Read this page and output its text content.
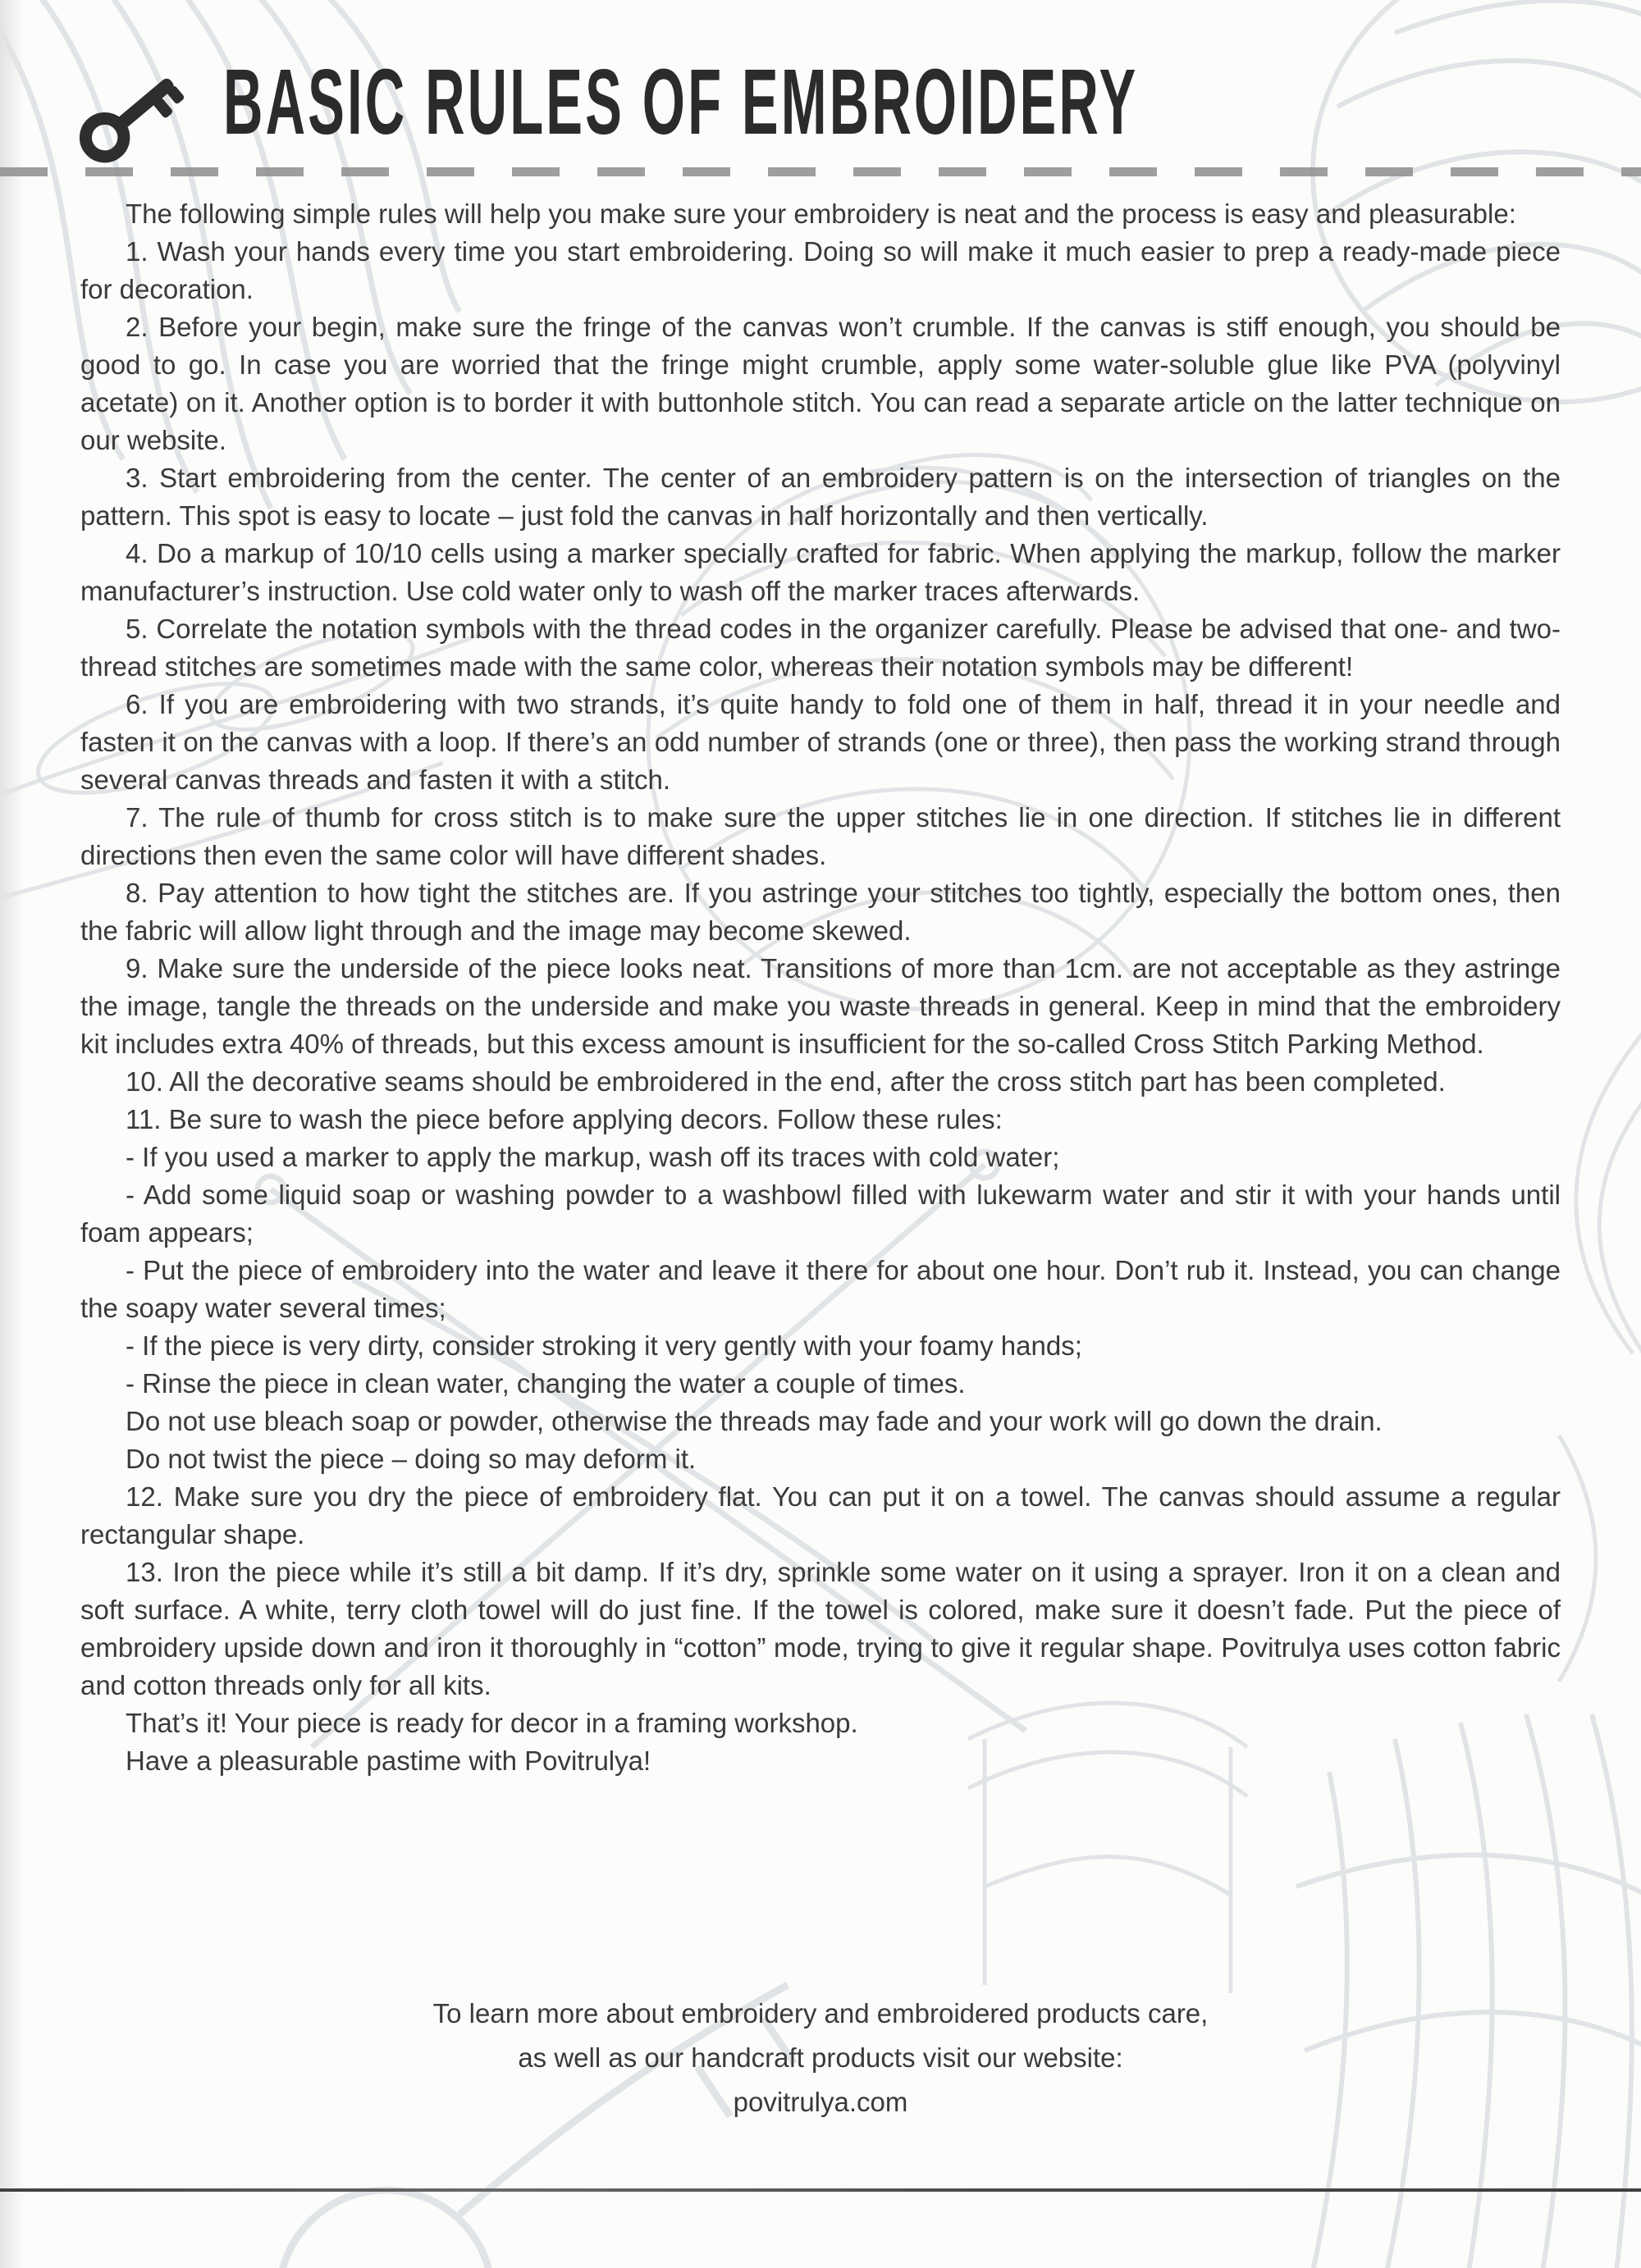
BASIC RULES OF EMBROIDERY

The following simple rules will help you make sure your embroidery is neat and the process is easy and pleasurable:

1. Wash your hands every time you start embroidering. Doing so will make it much easier to prep a ready-made piece for decoration.

2. Before your begin, make sure the fringe of the canvas won’t crumble. If the canvas is stiff enough, you should be good to go. In case you are worried that the fringe might crumble, apply some water-soluble glue like PVA (polyvinyl acetate) on it. Another option is to border it with buttonhole stitch. You can read a separate article on the latter technique on our website.

3. Start embroidering from the center. The center of an embroidery pattern is on the intersection of triangles on the pattern. This spot is easy to locate – just fold the canvas in half horizontally and then vertically.

4. Do a markup of 10/10 cells using a marker specially crafted for fabric. When applying the markup, follow the marker manufacturer’s instruction. Use cold water only to wash off the marker traces afterwards.

5. Correlate the notation symbols with the thread codes in the organizer carefully. Please be advised that one- and two-thread stitches are sometimes made with the same color, whereas their notation symbols may be different!

6. If you are embroidering with two strands, it’s quite handy to fold one of them in half, thread it in your needle and fasten it on the canvas with a loop. If there’s an odd number of strands (one or three), then pass the working strand through several canvas threads and fasten it with a stitch.

7. The rule of thumb for cross stitch is to make sure the upper stitches lie in one direction. If stitches lie in different directions then even the same color will have different shades.

8. Pay attention to how tight the stitches are. If you astringe your stitches too tightly, especially the bottom ones, then the fabric will allow light through and the image may become skewed.

9. Make sure the underside of the piece looks neat. Transitions of more than 1cm. are not acceptable as they astringe the image, tangle the threads on the underside and make you waste threads in general. Keep in mind that the embroidery kit includes extra 40% of threads, but this excess amount is insufficient for the so-called Cross Stitch Parking Method.

10. All the decorative seams should be embroidered in the end, after the cross stitch part has been completed.

11. Be sure to wash the piece before applying decors. Follow these rules:

- If you used a marker to apply the markup, wash off its traces with cold water;

- Add some liquid soap or washing powder to a washbowl filled with lukewarm water and stir it with your hands until foam appears;

- Put the piece of embroidery into the water and leave it there for about one hour. Don’t rub it. Instead, you can change the soapy water several times;

- If the piece is very dirty, consider stroking it very gently with your foamy hands;

- Rinse the piece in clean water, changing the water a couple of times.

Do not use bleach soap or powder, otherwise the threads may fade and your work will go down the drain.

Do not twist the piece – doing so may deform it.

12. Make sure you dry the piece of embroidery flat. You can put it on a towel. The canvas should assume a regular rectangular shape.

13. Iron the piece while it’s still a bit damp. If it’s dry, sprinkle some water on it using a sprayer. Iron it on a clean and soft surface. A white, terry cloth towel will do just fine. If the towel is colored, make sure it doesn’t fade. Put the piece of embroidery upside down and iron it thoroughly in “cotton” mode, trying to give it regular shape. Povitrulya uses cotton fabric and cotton threads only for all kits.

That’s it! Your piece is ready for decor in a framing workshop.

Have a pleasurable pastime with Povitrulya!

To learn more about embroidery and embroidered products care,

as well as our handcraft products visit our website:

povitrulya.com
